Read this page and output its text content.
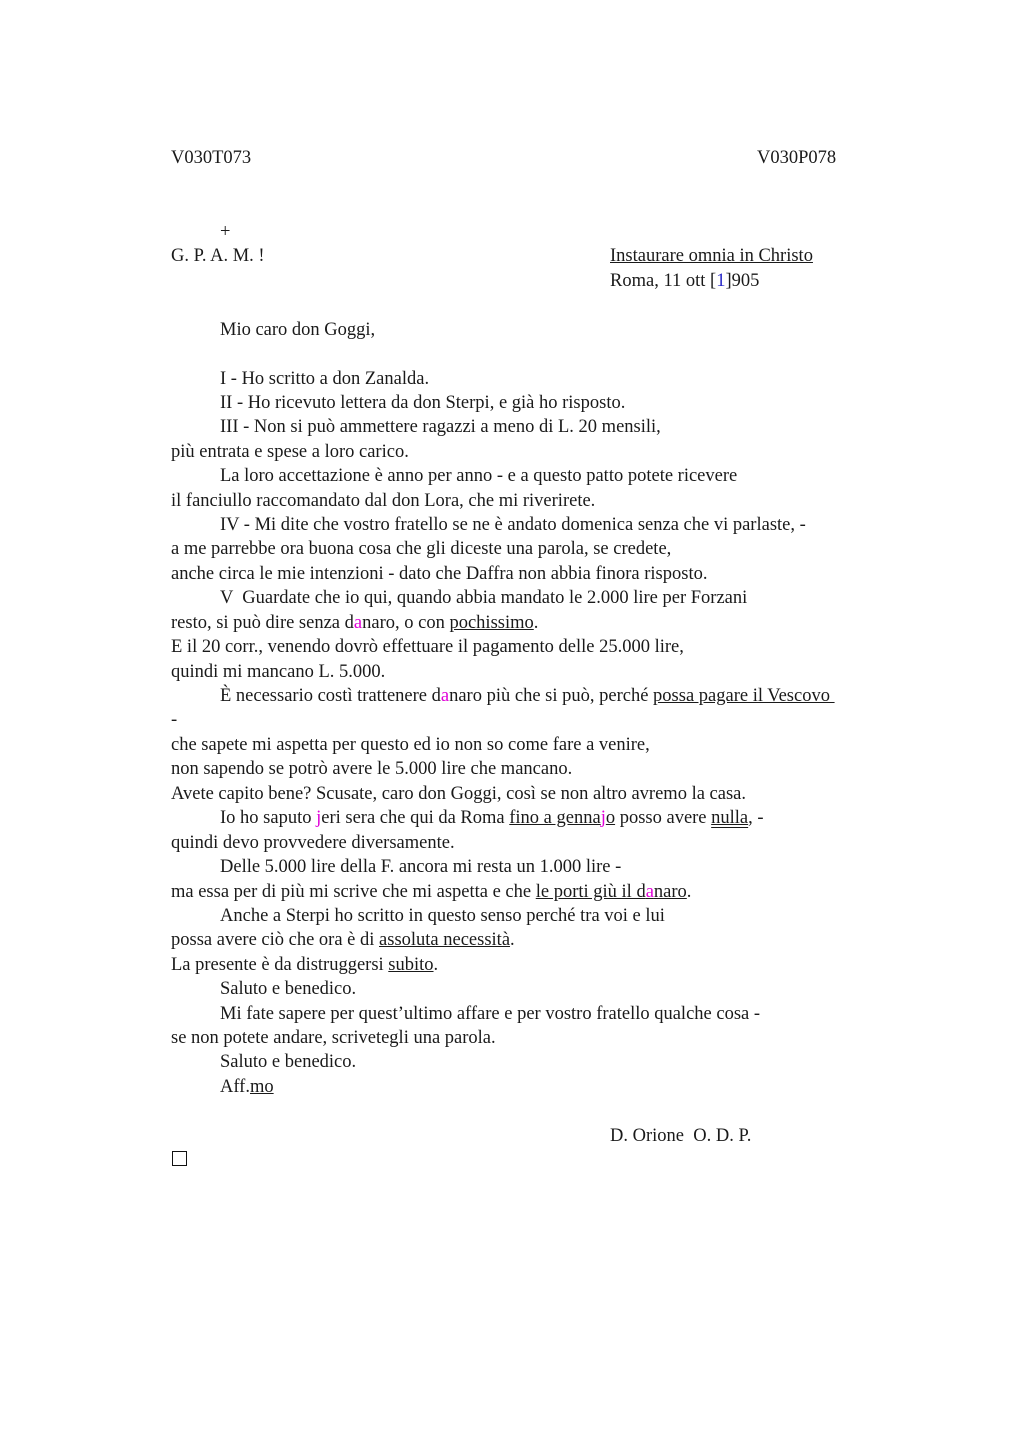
V030T073	V030P078
+
G. P. A. M. !	Instaurare omnia in Christo
Roma, 11 ott [1]905
Mio caro don Goggi,
I - Ho scritto a don Zanalda.
II - Ho ricevuto lettera da don Sterpi, e già ho risposto.
III - Non si può ammettere ragazzi a meno di L. 20 mensili,
più entrata e spese a loro carico.
La loro accettazione è anno per anno - e a questo patto potete ricevere
il fanciullo raccomandato dal don Lora, che mi riverirete.
IV - Mi dite che vostro fratello se ne è andato domenica senza che vi parlaste, -
a me parrebbe ora buona cosa che gli diceste una parola, se credete,
anche circa le mie intenzioni - dato che Daffra non abbia finora risposto.
V  Guardate che io qui, quando abbia mandato le 2.000 lire per Forzani
resto, si può dire senza danaro, o con pochissimo.
E il 20 corr., venendo dovrò effettuare il pagamento delle 25.000 lire,
quindi mi mancano L. 5.000.
È necessario costì trattenere danaro più che si può, perché possa pagare il Vescovo
-
che sapete mi aspetta per questo ed io non so come fare a venire,
non sapendo se potrò avere le 5.000 lire che mancano.
Avete capito bene? Scusate, caro don Goggi, così se non altro avremo la casa.
Io ho saputo jeri sera che qui da Roma fino a gennajo posso avere nulla, -
quindi devo provvedere diversamente.
Delle 5.000 lire della F. ancora mi resta un 1.000 lire -
ma essa per di più mi scrive che mi aspetta e che le porti giù il danaro.
Anche a Sterpi ho scritto in questo senso perché tra voi e lui
possa avere ciò che ora è di assoluta necessità.
La presente è da distruggersi subito.
Saluto e benedico.
Mi fate sapere per quest’ultimo affare e per vostro fratello qualche cosa -
se non potete andare, scrivetegli una parola.
Saluto e benedico.
Aff.mo
D. Orione  O. D. P.
